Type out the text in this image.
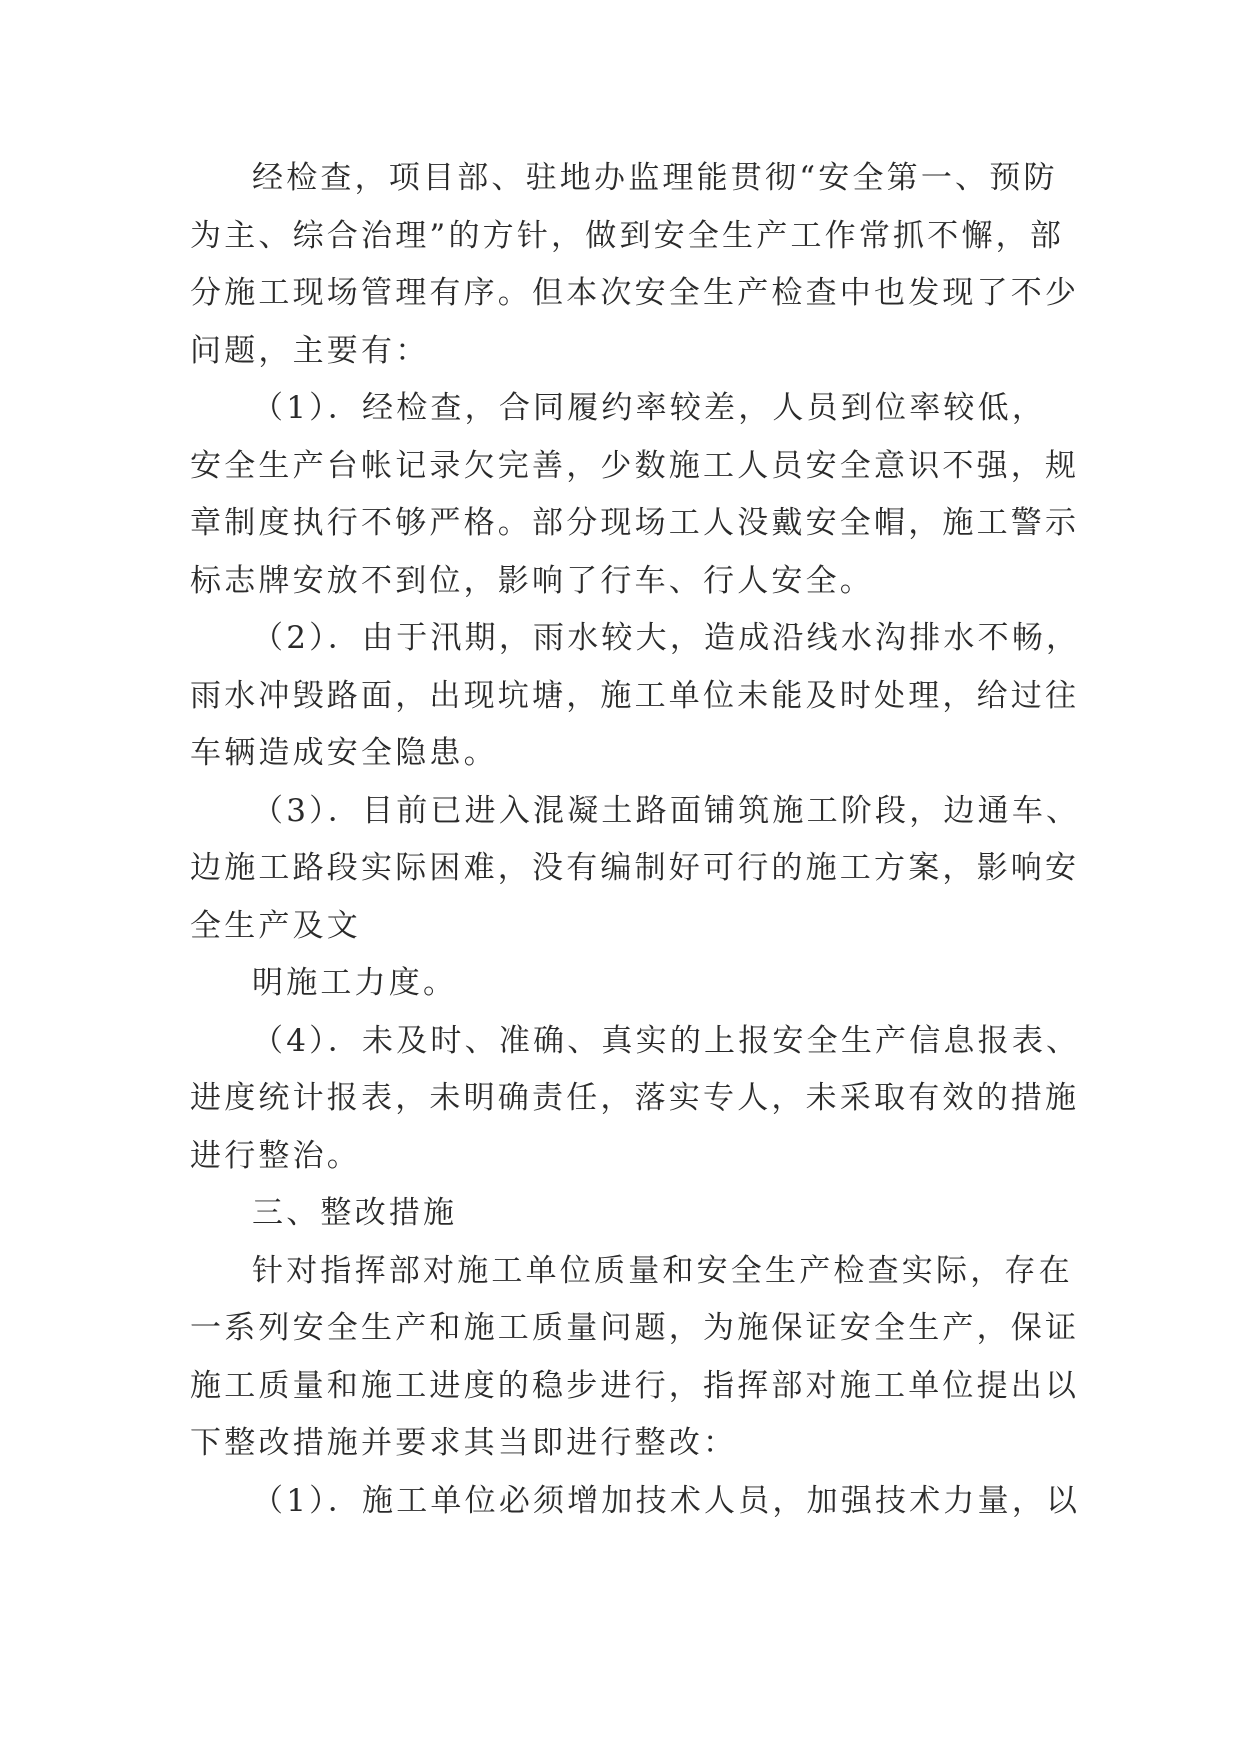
经检查，项目部、驻地办监理能贯彻“安全第一、预防
为主、综合治理”的方针，做到安全生产工作常抓不懈，部
分施工现场管理有序。但本次安全生产检查中也发现了不少
问题，主要有：
（1）．经检查，合同履约率较差，人员到位率较低，
安全生产台帐记录欠完善，少数施工人员安全意识不强，规
章制度执行不够严格。部分现场工人没戴安全帽，施工警示
标志牌安放不到位，影响了行车、行人安全。
（2）．由于汛期，雨水较大，造成沿线水沟排水不畅，
雨水冲毁路面，出现坑塘，施工单位未能及时处理，给过往
车辆造成安全隐患。
（3）．目前已进入混凝土路面铺筑施工阶段，边通车、
边施工路段实际困难，没有编制好可行的施工方案，影响安
全生产及文
明施工力度。
（4）．未及时、准确、真实的上报安全生产信息报表、
进度统计报表，未明确责任，落实专人，未采取有效的措施
进行整治。
三、整改措施
针对指挥部对施工单位质量和安全生产检查实际，存在
一系列安全生产和施工质量问题，为施保证安全生产，保证
施工质量和施工进度的稳步进行，指挥部对施工单位提出以
下整改措施并要求其当即进行整改：
（1）．施工单位必须增加技术人员，加强技术力量，以
